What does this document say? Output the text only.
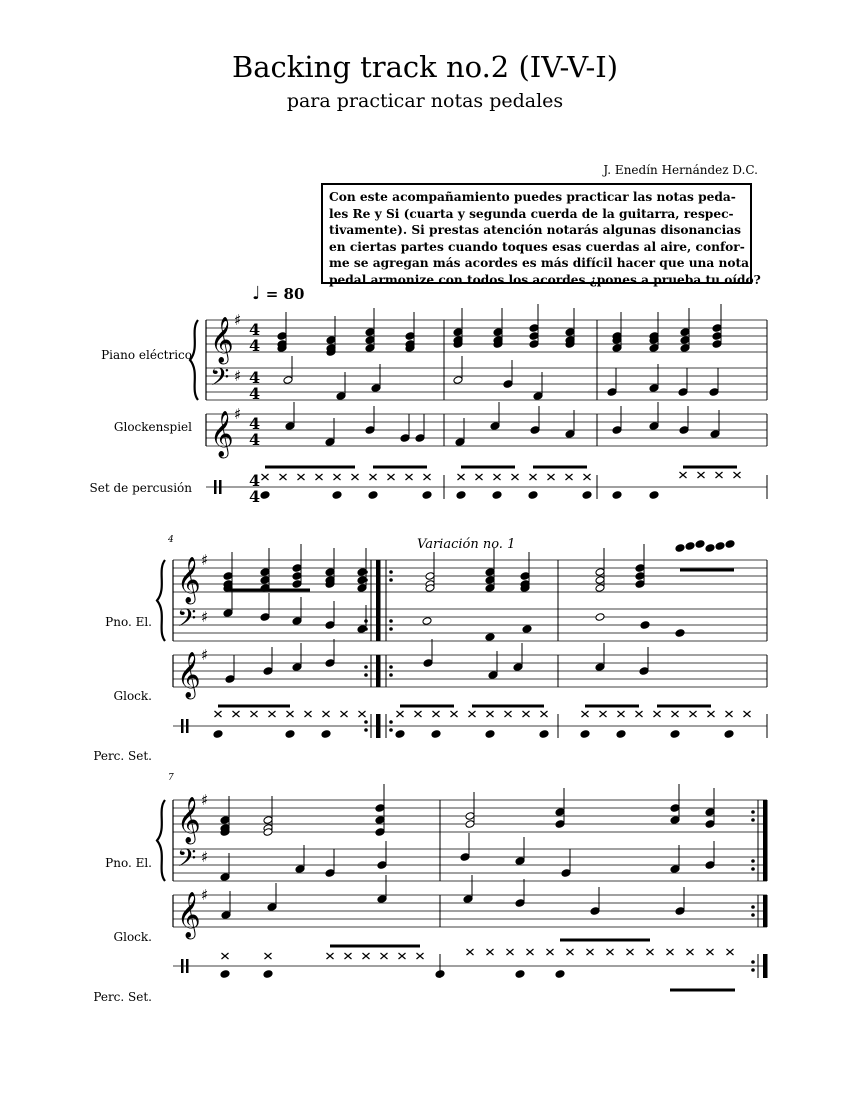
Backing track no.2 (IV-V-I)
para practicar notas pedales
J. Enedín Hernández D.C.
Con este acompañamiento puedes practicar las notas peda-
les Re y Si (cuarta y segunda cuerda de la guitarra, respec-
tivamente). Si prestas atención notarás algunas disonancias
en ciertas partes cuando toques esas cuerdas al aire, confor-
me se agregan más acordes es más difícil hacer que una nota
pedal armonize con todos los acordes ¿pones a prueba tu oído?
♩ = 80
Piano eléctrico
Glockenspiel
Set de percusión
Pno. El.
Glock.
Perc. Set.
Pno. El.
Glock.
Perc. Set.
Variación no. 1
4
7
𝄞
𝄢
𝄞
♯
♯
♯
4
4
4
4
4
4
4
4
𝄞
𝄢
𝄞
♯
♯
♯
𝄞
𝄢
𝄞
♯
♯
♯
